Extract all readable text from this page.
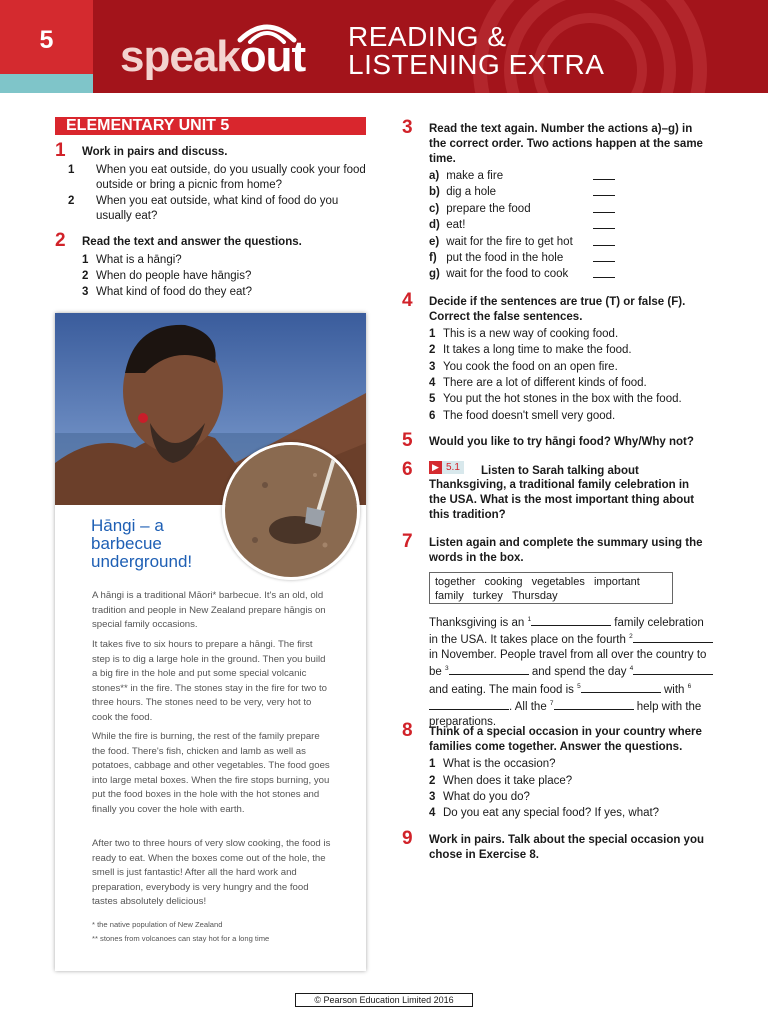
5	speakout READING &
LISTENING EXTRA
ELEMENTARY UNIT 5
1 Work in pairs and discuss.
1 When you eat outside, do you usually cook your food outside or bring a picnic from home?
2 When you eat outside, what kind of food do you usually eat?
2 Read the text and answer the questions.
1 What is a hāngi?
2 When do people have hāngis?
3 What kind of food do they eat?
Hāngi – a
barbecue
underground!
A hāngi is a traditional Māori* barbecue. It's an old, old tradition and people in New Zealand prepare hāngis on special family occasions.
It takes five to six hours to prepare a hāngi. The first step is to dig a large hole in the ground. Then you build a big fire in the hole and put some special volcanic stones** in the fire. The stones stay in the fire for two to three hours. The stones need to be very, very hot to cook the food.
While the fire is burning, the rest of the family prepare the food. There's fish, chicken and lamb as well as potatoes, cabbage and other vegetables. The food goes into large metal boxes. When the fire stops burning, you put the food boxes in the hole with the hot stones and finally you cover the hole with earth.
After two to three hours of very slow cooking, the food is ready to eat. When the boxes come out of the hole, the smell is just fantastic! After all the hard work and preparation, everybody is very hungry and the food tastes absolutely delicious!
* the native population of New Zealand
** stones from volcanoes can stay hot for a long time
3 Read the text again. Number the actions a)–g) in the correct order. Two actions happen at the same time.
a) make a fire
b) dig a hole
c) prepare the food
d) eat!
e) wait for the fire to get hot
f) put the food in the hole
g) wait for the food to cook
4 Decide if the sentences are true (T) or false (F). Correct the false sentences.
1 This is a new way of cooking food.
2 It takes a long time to make the food.
3 You cook the food on an open fire.
4 There are a lot of different kinds of food.
5 You put the hot stones in the box with the food.
6 The food doesn't smell very good.
5 Would you like to try hāngi food? Why/Why not?
6	▶ 5.1	Listen to Sarah talking about
Thanksgiving, a traditional family celebration in the USA. What is the most important thing about this tradition?
7 Listen again and complete the summary using the words in the box.
together   cooking   vegetables   important
family   turkey   Thursday
Thanksgiving is an $^1$	family celebration in the USA. It takes place on the fourth $^2$ in November. People travel from all over the country to be $^3$	and spend the day $^4$ and eating. The main food is $^5$	with $^6$. All the $^7$	help with the preparations.
8 Think of a special occasion in your country where families come together. Answer the questions.
1 What is the occasion?
2 When does it take place?
3 What do you do?
4 Do you eat any special food? If yes, what?
9 Work in pairs. Talk about the special occasion you chose in Exercise 8.
© Pearson Education Limited 2016
